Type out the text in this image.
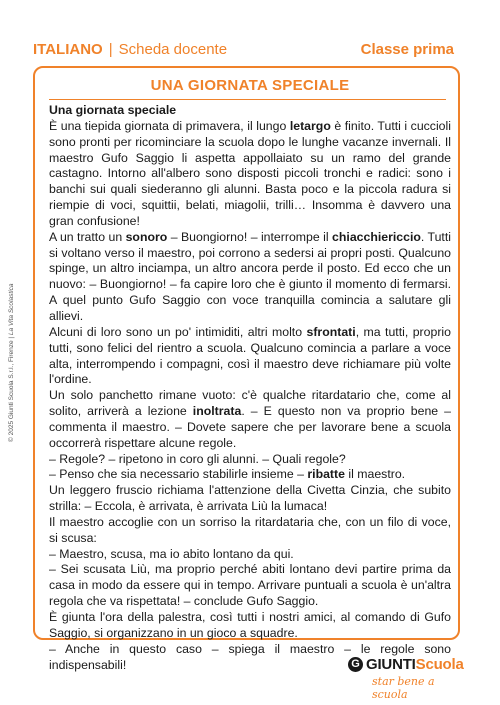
ITALIANO | Scheda docente	Classe prima
UNA GIORNATA SPECIALE
Una giornata speciale

È una tiepida giornata di primavera, il lungo letargo è finito. Tutti i cuccioli sono pronti per ricominciare la scuola dopo le lunghe vacanze invernali. Il maestro Gufo Saggio li aspetta appollaiato su un ramo del grande castagno. Intorno all'albero sono disposti piccoli tronchi e radici: sono i banchi sui quali siederanno gli alunni. Basta poco e la piccola radura si riempie di voci, squittii, belati, miagolii, trilli… Insomma è davvero una gran confusione!

A un tratto un sonoro – Buongiorno! – interrompe il chiacchiericcio. Tutti si voltano verso il maestro, poi corrono a sedersi ai propri posti. Qualcuno spinge, un altro inciampa, un altro ancora perde il posto. Ed ecco che un nuovo: – Buongiorno! – fa capire loro che è giunto il momento di fermarsi. A quel punto Gufo Saggio con voce tranquilla comincia a salutare gli allievi.

Alcuni di loro sono un po' intimiditi, altri molto sfrontati, ma tutti, proprio tutti, sono felici del rientro a scuola. Qualcuno comincia a parlare a voce alta, interrompendo i compagni, così il maestro deve richiamare più volte l'ordine.

Un solo panchetto rimane vuoto: c'è qualche ritardatario che, come al solito, arriverà a lezione inoltrata. – E questo non va proprio bene – commenta il maestro. – Dovete sapere che per lavorare bene a scuola occorrerà rispettare alcune regole.

– Regole? – ripetono in coro gli alunni. – Quali regole?

– Penso che sia necessario stabilirle insieme – ribatte il maestro.

Un leggero fruscio richiama l'attenzione della Civetta Cinzia, che subito strilla: – Eccola, è arrivata, è arrivata Liù la lumaca!

Il maestro accoglie con un sorriso la ritardataria che, con un filo di voce, si scusa:

– Maestro, scusa, ma io abito lontano da qui.

– Sei scusata Liù, ma proprio perché abiti lontano devi partire prima da casa in modo da essere qui in tempo. Arrivare puntuali a scuola è un'altra regola che va rispettata! – conclude Gufo Saggio.

È giunta l'ora della palestra, così tutti i nostri amici, al comando di Gufo Saggio, si organizzano in un gioco a squadre.

– Anche in questo caso – spiega il maestro – le regole sono indispensabili!

© 2025 Giunti Scuola S.r.l., Firenze | La Vita Scolastica
G GIUNTI Scuola
star bene a scuola
